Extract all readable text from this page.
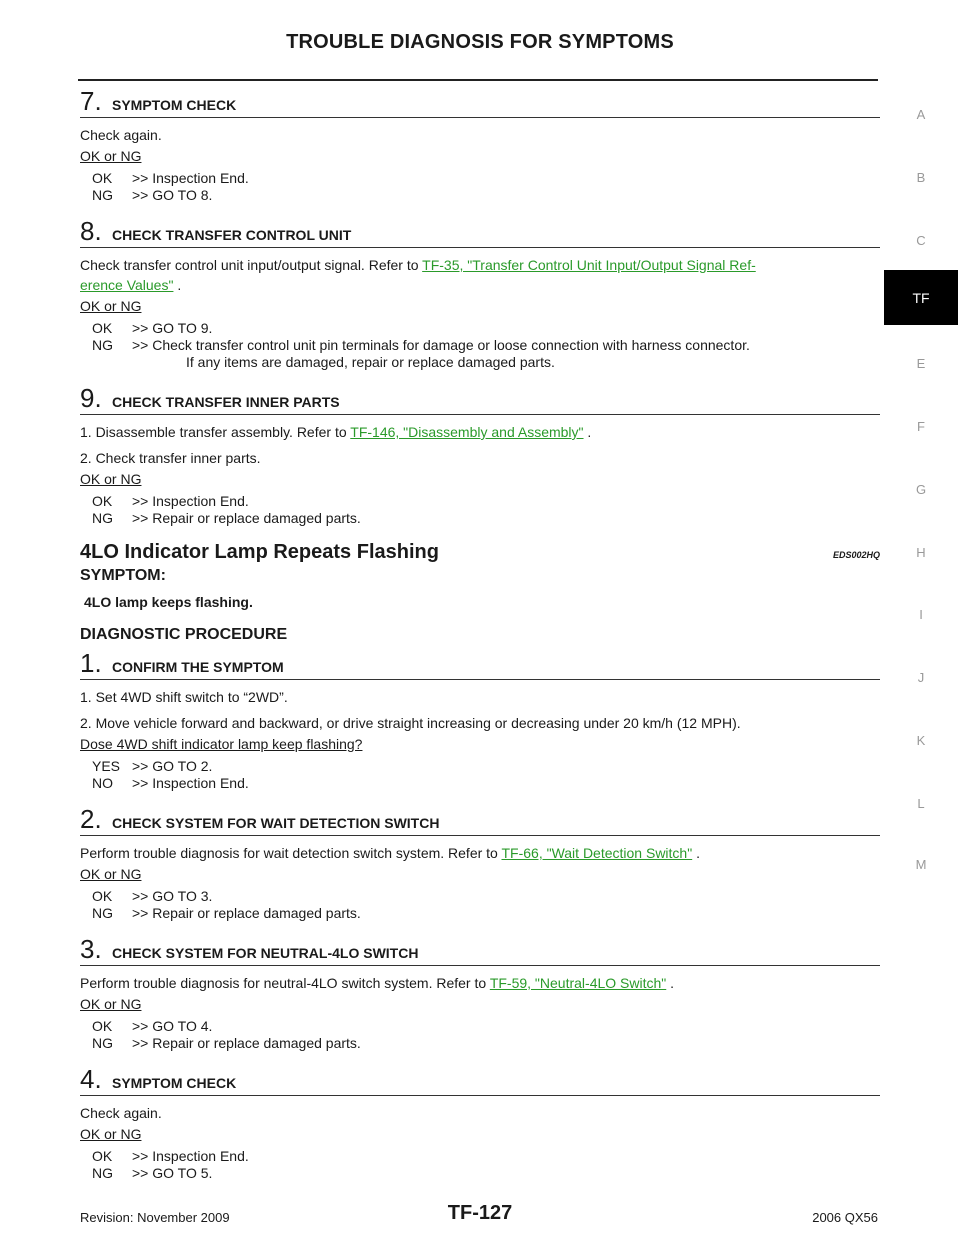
TROUBLE DIAGNOSIS FOR SYMPTOMS
A
B
C
TF
E
F
G
H
I
J
K
L
M
7. SYMPTOM CHECK

Check again.

OK or NG
OK	>> Inspection End.
NG	>> GO TO 8.
8. CHECK TRANSFER CONTROL UNIT

Check transfer control unit input/output signal. Refer to TF-35, "Transfer Control Unit Input/Output Signal Ref-
erence Values" .

OK or NG
OK	>> GO TO 9.
NG	>> Check transfer control unit pin terminals for damage or loose connection with harness connector.
If any items are damaged, repair or replace damaged parts.
9. CHECK TRANSFER INNER PARTS

1. Disassemble transfer assembly. Refer to TF-146, "Disassembly and Assembly" .

2. Check transfer inner parts.

OK or NG
OK	>> Inspection End.
NG	>> Repair or replace damaged parts.
4LO Indicator Lamp Repeats Flashing	EDS002HQ
SYMPTOM:
4LO lamp keeps flashing.
DIAGNOSTIC PROCEDURE
1. CONFIRM THE SYMPTOM

1. Set 4WD shift switch to “2WD”.

2. Move vehicle forward and backward, or drive straight increasing or decreasing under 20 km/h (12 MPH).

Dose 4WD shift indicator lamp keep flashing?
YES >> GO TO 2.
NO	>> Inspection End.
2. CHECK SYSTEM FOR WAIT DETECTION SWITCH

Perform trouble diagnosis for wait detection switch system. Refer to TF-66, "Wait Detection Switch" .

OK or NG
OK	>> GO TO 3.
NG	>> Repair or replace damaged parts.
3. CHECK SYSTEM FOR NEUTRAL-4LO SWITCH

Perform trouble diagnosis for neutral-4LO switch system. Refer to TF-59, "Neutral-4LO Switch" .

OK or NG
OK	>> GO TO 4.
NG	>> Repair or replace damaged parts.
4. SYMPTOM CHECK

Check again.

OK or NG
OK	>> Inspection End.
NG	>> GO TO 5.
Revision: November 2009	TF-127	2006 QX56
